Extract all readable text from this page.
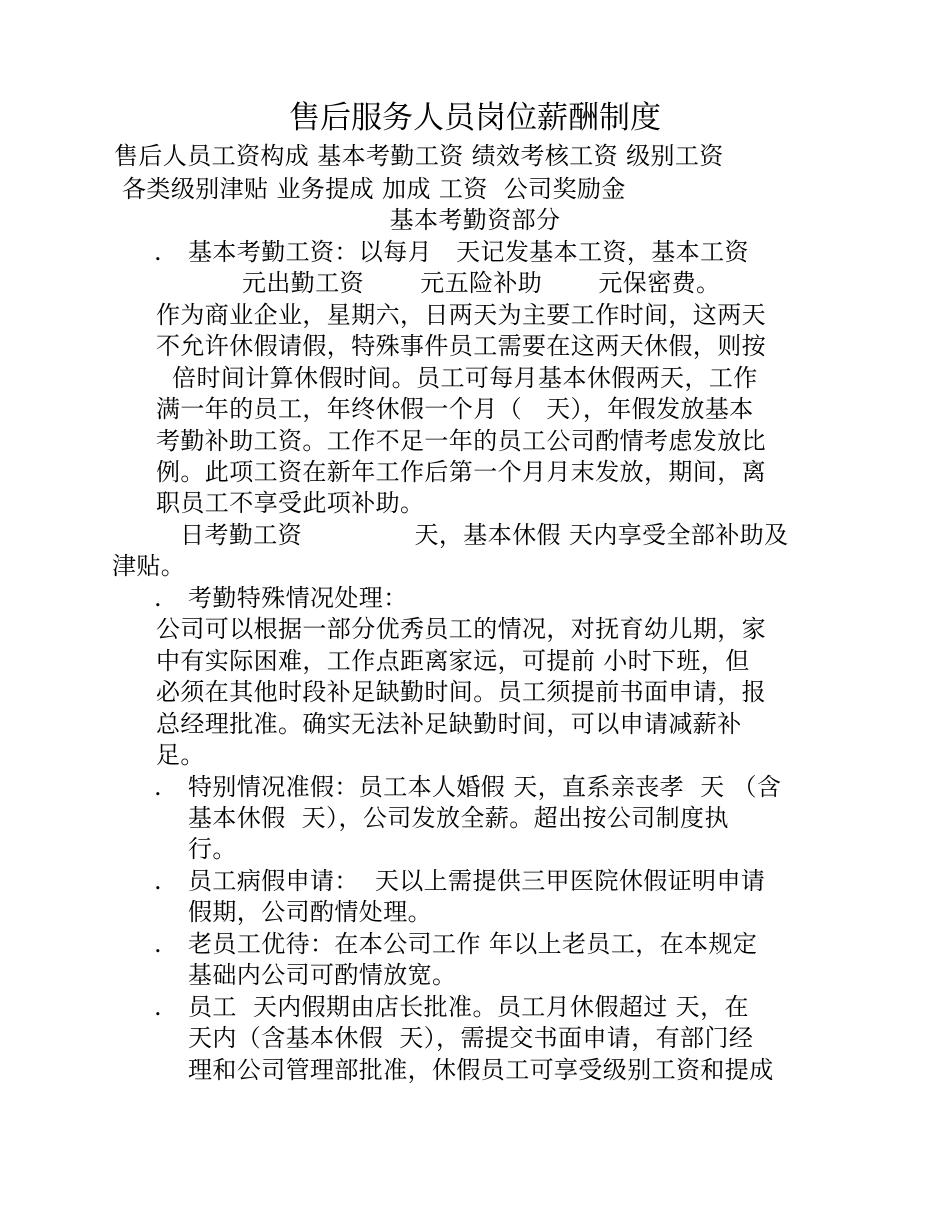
售后服务人员岗位薪酬制度
售后人员工资构成 基本考勤工资 绩效考核工资 级别工资
各类级别津贴 业务提成 加成 工资  公司奖励金
基本考勤资部分
. 基本考勤工资：以每月   天记发基本工资，基本工资
元出勤工资       元五险补助       元保密费。
作为商业企业，星期六，日两天为主要工作时间，这两天
不允许休假请假，特殊事件员工需要在这两天休假，则按
倍时间计算休假时间。员工可每月基本休假两天，工作
满一年的员工，年终休假一个月（   天），年假发放基本
考勤补助工资。工作不足一年的员工公司酌情考虑发放比
例。此项工资在新年工作后第一个月月末发放，期间，离
职员工不享受此项补助。
日考勤工资              天，基本休假 天内享受全部补助及
津贴。
. 考勤特殊情况处理：
公司可以根据一部分优秀员工的情况，对抚育幼儿期，家
中有实际困难，工作点距离家远，可提前 小时下班，但
必须在其他时段补足缺勤时间。员工须提前书面申请，报
总经理批准。确实无法补足缺勤时间，可以申请减薪补
足。
. 特别情况准假：员工本人婚假 天，直系亲丧孝  天 （含
基本休假  天），公司发放全薪。超出按公司制度执
行。
. 员工病假申请：  天以上需提供三甲医院休假证明申请
假期，公司酌情处理。
. 老员工优待：在本公司工作 年以上老员工，在本规定
基础内公司可酌情放宽。
. 员工  天内假期由店长批准。员工月休假超过 天，在
天内（含基本休假  天），需提交书面申请，有部门经
理和公司管理部批准，休假员工可享受级别工资和提成
